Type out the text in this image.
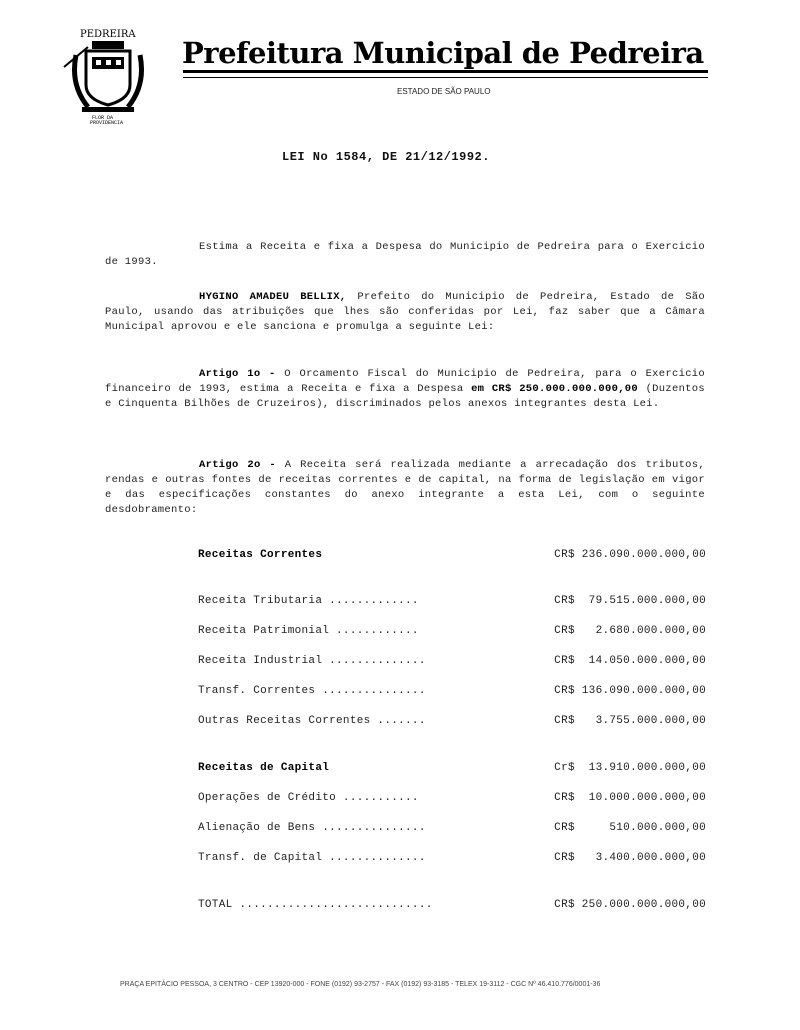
PEDREIRA
FLOR DA
PROVIDENCIA
Prefeitura Municipal de Pedreira
ESTADO DE SÃO PAULO
LEI No 1584, DE 21/12/1992.
Estima a Receita e fixa a Despesa do Municipio de Pedreira para o Exercicio de 1993.
HYGINO AMADEU BELLIX, Prefeito do Municipio de Pedreira, Estado de São Paulo, usando das atribuições que lhes são conferidas por Lei, faz saber que a Câmara Municipal aprovou e ele sanciona e promulga a seguinte Lei:
Artigo 1o - O Orcamento Fiscal do Municipio de Pedreira, para o Exercicio financeiro de 1993, estima a Receita e fixa a Despesa em CR$ 250.000.000.000,00 (Duzentos e Cinquenta Bilhões de Cruzeiros), discriminados pelos anexos integrantes desta Lei.
Artigo 2o - A Receita será realizada mediante a arrecadação dos tributos, rendas e outras fontes de receitas correntes e de capital, na forma de legislação em vigor e das especificações constantes do anexo integrante a esta Lei, com o seguinte desdobramento:
Receitas Correntes	CR$ 236.090.000.000,00
Receita Tributaria .............	CR$  79.515.000.000,00
Receita Patrimonial ............	CR$   2.680.000.000,00
Receita Industrial ..............	CR$  14.050.000.000,00
Transf. Correntes ...............	CR$ 136.090.000.000,00
Outras Receitas Correntes .......	CR$   3.755.000.000,00
Receitas de Capital	Cr$  13.910.000.000,00
Operações de Crédito ...........	CR$  10.000.000.000,00
Alienação de Bens ...............	CR$     510.000.000,00
Transf. de Capital ..............	CR$   3.400.000.000,00
TOTAL ............................	CR$ 250.000.000.000,00
PRAÇA EPITÁCIO PESSOA, 3 CENTRO - CEP 13920-000 - FONE (0192) 93-2757 - FAX (0192) 93-3185 - TELEX 19-3112 - CGC Nº 46.410.776/0001-36
